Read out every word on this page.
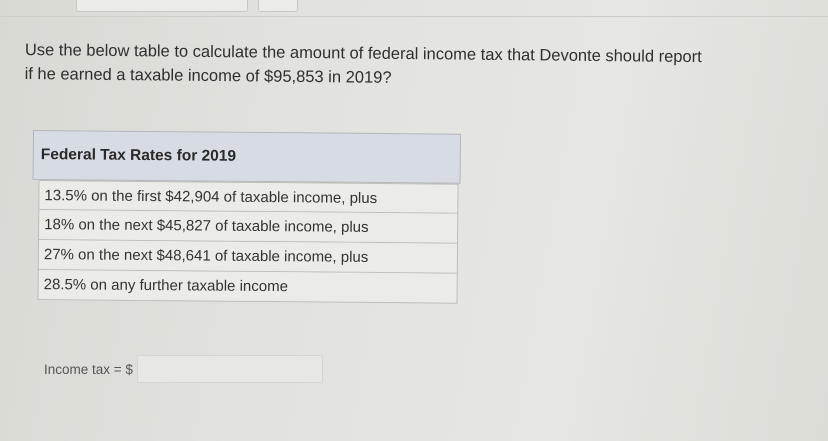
Use the below table to calculate the amount of federal income tax that Devonte should report

if he earned a taxable income of $95,853 in 2019?

Federal Tax Rates for 2019
13.5% on the first $42,904 of taxable income, plus
18% on the next $45,827 of taxable income, plus
27% on the next $48,641 of taxable income, plus
28.5% on any further taxable income
Income tax = $
